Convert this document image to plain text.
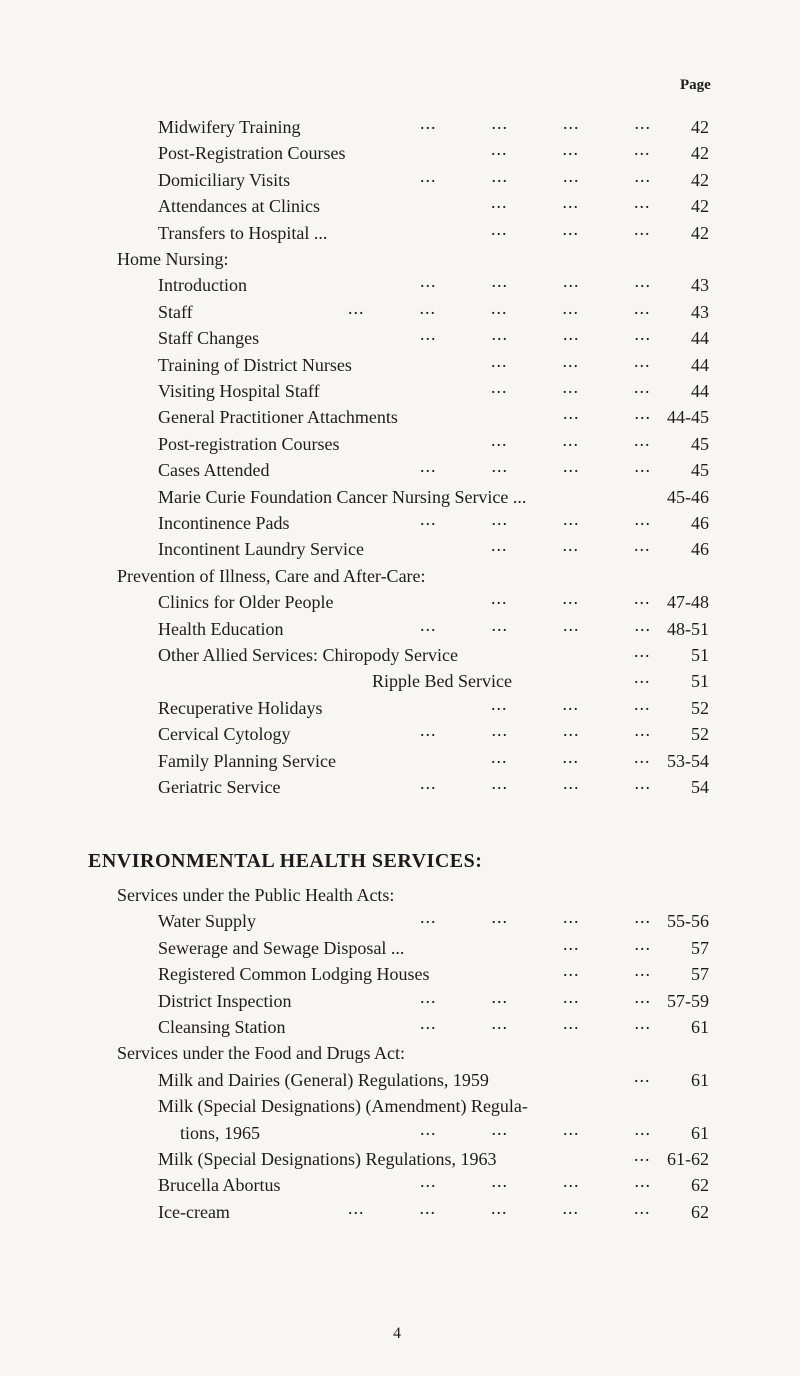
Page
Midwifery Training	...          ...          ...          ... 42
Post-Registration Courses	...          ...          ... 42
Domiciliary Visits	...          ...          ...          ... 42
Attendances at Clinics	...          ...          ... 42
Transfers to Hospital ...	...          ...          ... 42
Home Nursing:
Introduction	...          ...          ...          ... 43
Staff	...          ...          ...          ...          ... 43
Staff Changes	...          ...          ...          ... 44
Training of District Nurses	...          ...          ... 44
Visiting Hospital Staff	...          ...          ... 44
General Practitioner Attachments	...          ... 44-45
Post-registration Courses	...          ...          ... 45
Cases Attended	...          ...          ...          ... 45
Marie Curie Foundation Cancer Nursing Service ...	45-46
Incontinence Pads	...          ...          ...          ... 46
Incontinent Laundry Service	...          ...          ... 46
Prevention of Illness, Care and After-Care:
Clinics for Older People	...          ...          ... 47-48
Health Education	...          ...          ...          ... 48-51
Other Allied Services: Chiropody Service	... 51
Ripple Bed Service	... 51
Recuperative Holidays	...          ...          ... 52
Cervical Cytology	...          ...          ...          ... 52
Family Planning Service	...          ...          ... 53-54
Geriatric Service	...          ...          ...          ... 54
ENVIRONMENTAL HEALTH SERVICES:
Services under the Public Health Acts:
Water Supply	...          ...          ...          ... 55-56
Sewerage and Sewage Disposal ...	...          ... 57
Registered Common Lodging Houses	...          ... 57
District Inspection	...          ...          ...          ... 57-59
Cleansing Station	...          ...          ...          ... 61
Services under the Food and Drugs Act:
Milk and Dairies (General) Regulations, 1959	... 61
Milk (Special Designations) (Amendment) Regula-
tions, 1965	...          ...          ...          ... 61
Milk (Special Designations) Regulations, 1963	... 61-62
Brucella Abortus	...          ...          ...          ... 62
Ice-cream	...          ...          ...          ...          ... 62
4
